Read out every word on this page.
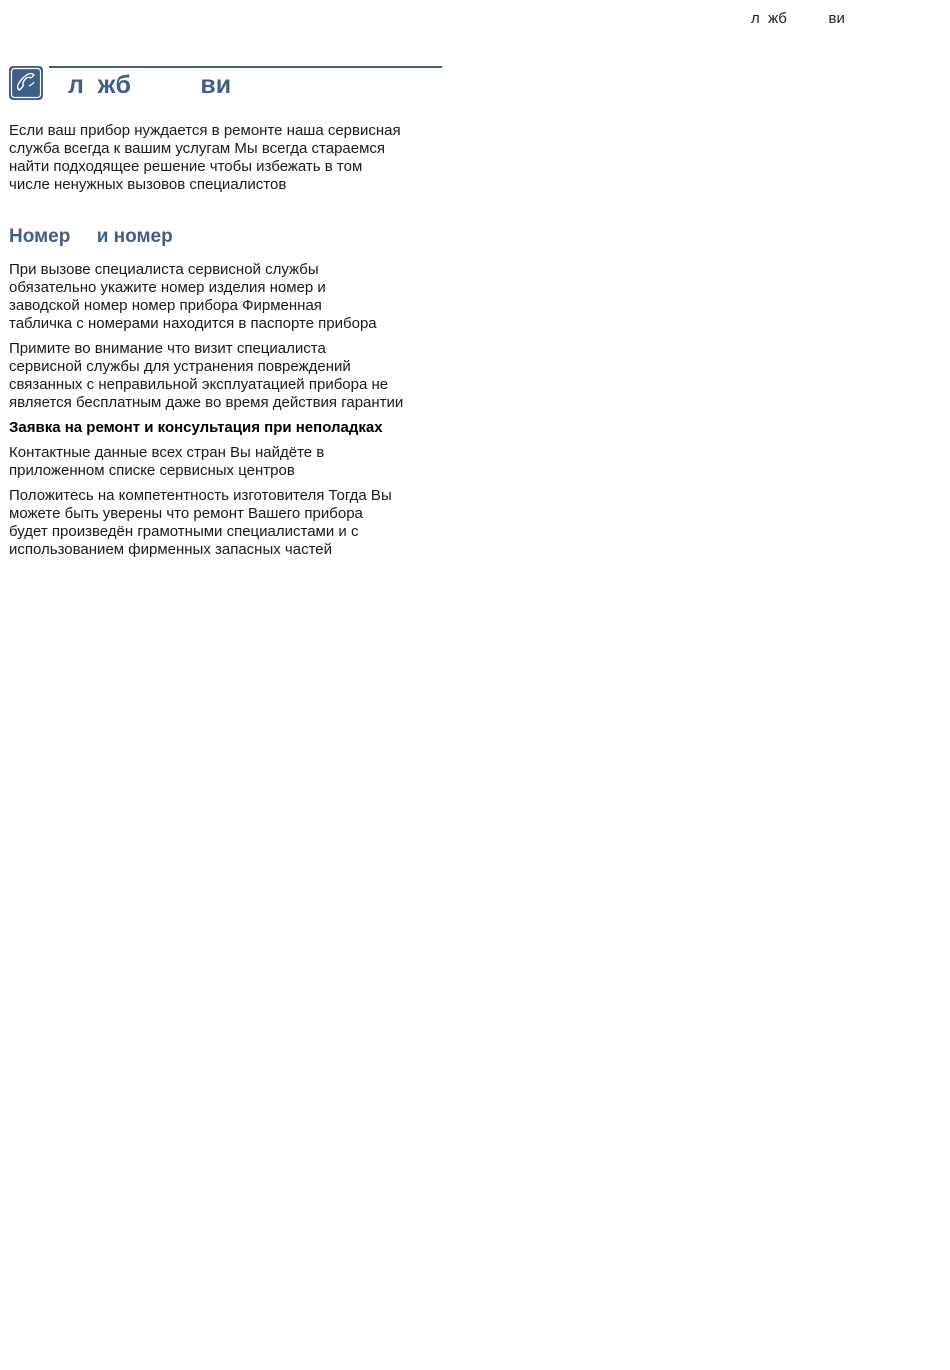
л  жб          ви
л  жб          ви

Если ваш прибор нуждается в ремонте наша сервисная
служба всегда к вашим услугам Мы всегда стараемся
найти подходящее решение чтобы избежать в том
числе ненужных вызовов специалистов

Номер     и номер

При вызове специалиста сервисной службы
обязательно укажите номер изделия номер и
заводской номер номер прибора Фирменная
табличка с номерами находится в паспорте прибора

Примите во внимание что визит специалиста
сервисной службы для устранения повреждений
связанных с неправильной эксплуатацией прибора не
является бесплатным даже во время действия гарантии

Заявка на ремонт и консультация при неполадках

Контактные данные всех стран Вы найдёте в
приложенном списке сервисных центров

Положитесь на компетентность изготовителя Тогда Вы
можете быть уверены что ремонт Вашего прибора
будет произведён грамотными специалистами и с
использованием фирменных запасных частей
